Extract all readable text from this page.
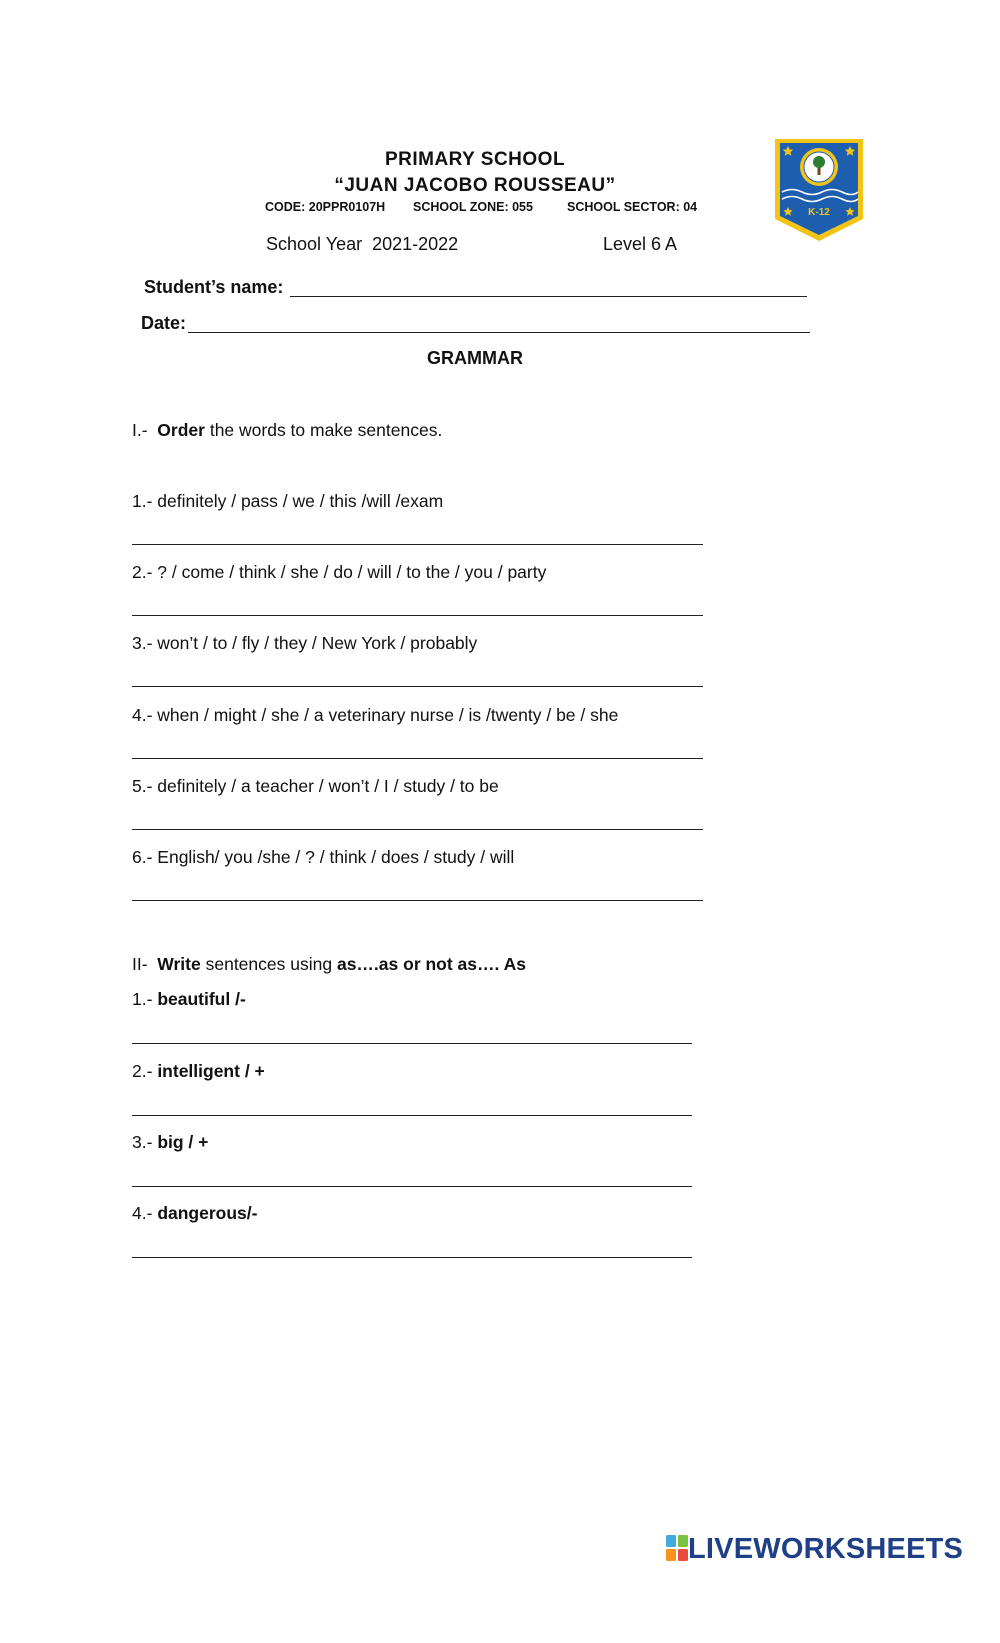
PRIMARY SCHOOL
“JUAN JACOBO ROUSSEAU”
CODE: 20PPR0107H SCHOOL ZONE: 055	SCHOOL SECTOR: 04
School Year 2021-2022	Level 6 A
K-12
Student’s name:
Date:
GRAMMAR
I.- Order the words to make sentences.
1.- definitely / pass / we / this /will /exam
2.- ? / come / think / she / do / will / to the / you / party
3.- won’t / to / fly / they / New York / probably
4.- when / might / she / a veterinary nurse / is /twenty / be / she
5.- definitely / a teacher / won’t / I / study / to be
6.- English/ you /she / ? / think / does / study / will
II- Write sentences using as….as or not as…. As
1.- beautiful /-
2.- intelligent / +
3.- big / +
4.- dangerous/-
LIVEWORKSHEETS
